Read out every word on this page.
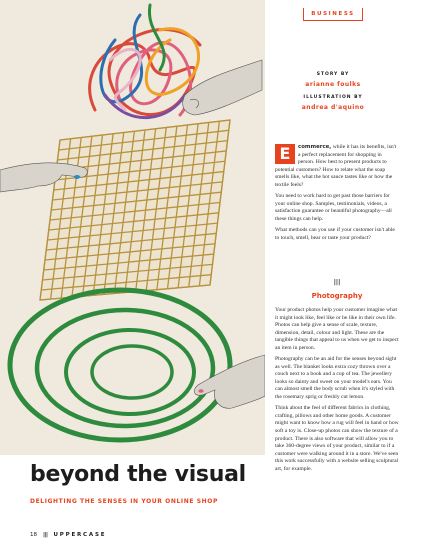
beyond the visual
DELIGHTING THE SENSES IN YOUR ONLINE SHOP
18 ||| UPPERCASE
BUSINESS
STORY BY
arianne foulks
ILLUSTRATION BY
andrea d'aquino

E	commerce, while it has its benefits, isn't a perfect replacement for shopping in person. How best to present products to potential customers? How to relate what the soap smells like, what the hot sauce tastes like or how the textile feels?

You need to work hard to get past those barriers for your online shop. Samples, testimonials, videos, a satisfaction guarantee or beautiful photography—all these things can help.

What methods can you use if your customer isn't able to touch, smell, hear or taste your product?

|||
Photography

Your product photos help your customer imagine what it might look like, feel like or be like in their own life. Photos can help give a sense of scale, texture, dimension, detail, colour and light. These are the tangible things that appeal to us when we get to inspect an item in person.

Photography can be an aid for the senses beyond sight as well. The blanket looks extra cozy thrown over a couch next to a book and a cup of tea. The jewellery looks so dainty and sweet on your model's ears. You can almost smell the body scrub when it's styled with the rosemary sprig or freshly cut lemon.

Think about the feel of different fabrics in clothing, crafting, pillows and other home goods. A customer might want to know how a rug will feel in hand or how soft a toy is. Close-up photos can show the texture of a product. There is also software that will allow you to take 360-degree views of your product, similar to if a customer were walking around it in a store. We've seen this work successfully with a website selling sculptural art, for example.
